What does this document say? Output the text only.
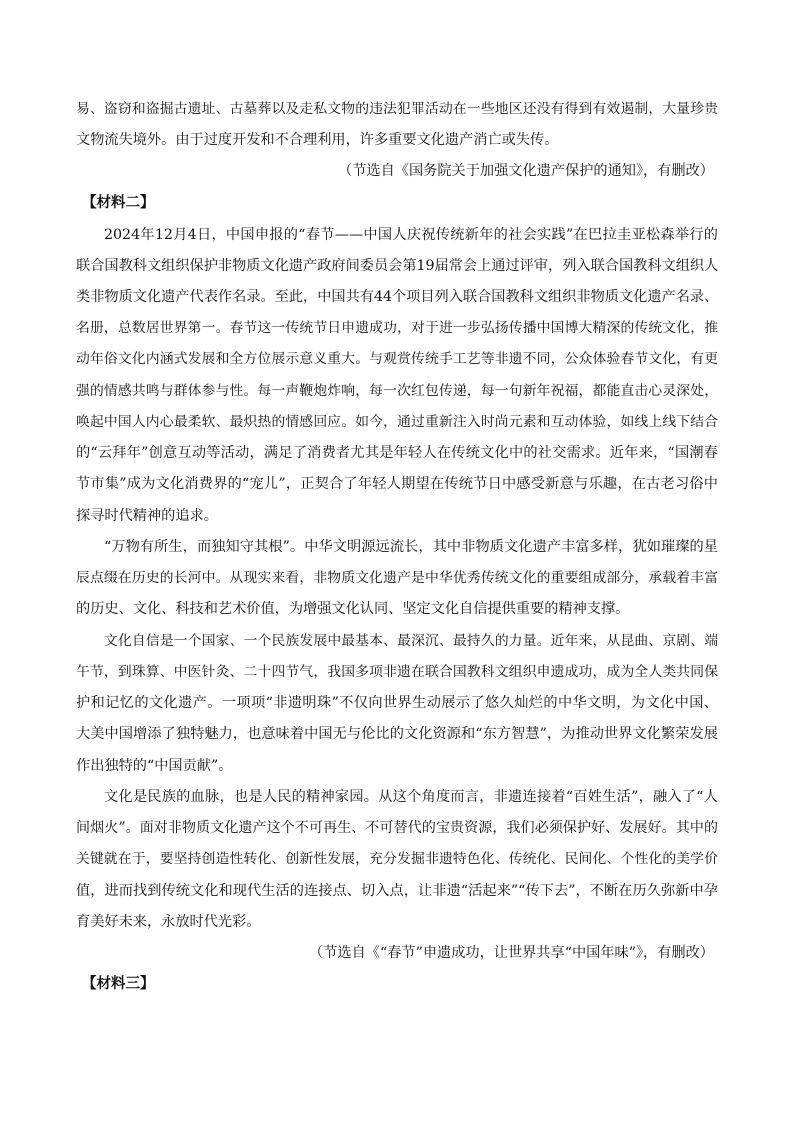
易、盗窃和盗掘古遗址、古墓葬以及走私文物的违法犯罪活动在一些地区还没有得到有效遏制，大量珍贵
文物流失境外。由于过度开发和不合理利用，许多重要文化遗产消亡或失传。
（节选自《国务院关于加强文化遗产保护的通知》，有删改）
【材料二】
2024年12月4日，中国申报的“春节——中国人庆祝传统新年的社会实践”在巴拉圭亚松森举行的
联合国教科文组织保护非物质文化遗产政府间委员会第19届常会上通过评审，列入联合国教科文组织人
类非物质文化遗产代表作名录。至此，中国共有44个项目列入联合国教科文组织非物质文化遗产名录、
名册，总数居世界第一。春节这一传统节日申遗成功，对于进一步弘扬传播中国博大精深的传统文化，推
动年俗文化内涵式发展和全方位展示意义重大。与观赏传统手工艺等非遗不同，公众体验春节文化，有更
强的情感共鸣与群体参与性。每一声鞭炮炸响，每一次红包传递，每一句新年祝福，都能直击心灵深处，
唤起中国人内心最柔软、最炽热的情感回应。如今，通过重新注入时尚元素和互动体验，如线上线下结合
的“云拜年”创意互动等活动，满足了消费者尤其是年轻人在传统文化中的社交需求。近年来，“国潮春
节市集”成为文化消费界的“宠儿”，正契合了年轻人期望在传统节日中感受新意与乐趣，在古老习俗中
探寻时代精神的追求。
“万物有所生，而独知守其根”。中华文明源远流长，其中非物质文化遗产丰富多样，犹如璀璨的星
辰点缀在历史的长河中。从现实来看，非物质文化遗产是中华优秀传统文化的重要组成部分，承载着丰富
的历史、文化、科技和艺术价值，为增强文化认同、坚定文化自信提供重要的精神支撑。
文化自信是一个国家、一个民族发展中最基本、最深沉、最持久的力量。近年来，从昆曲、京剧、端
午节，到珠算、中医针灸、二十四节气，我国多项非遗在联合国教科文组织申遗成功，成为全人类共同保
护和记忆的文化遗产。一项项“非遗明珠”不仅向世界生动展示了悠久灿烂的中华文明，为文化中国、
大美中国增添了独特魅力，也意味着中国无与伦比的文化资源和“东方智慧”，为推动世界文化繁荣发展
作出独特的“中国贡献”。
文化是民族的血脉，也是人民的精神家园。从这个角度而言，非遗连接着“百姓生活”，融入了“人
间烟火”。面对非物质文化遗产这个不可再生、不可替代的宝贵资源，我们必须保护好、发展好。其中的
关键就在于，要坚持创造性转化、创新性发展，充分发掘非遗特色化、传统化、民间化、个性化的美学价
值，进而找到传统文化和现代生活的连接点、切入点，让非遗“活起来”“传下去”，不断在历久弥新中孕
育美好未来，永放时代光彩。
（节选自《“春节”申遗成功，让世界共享“中国年味”》，有删改）
【材料三】
